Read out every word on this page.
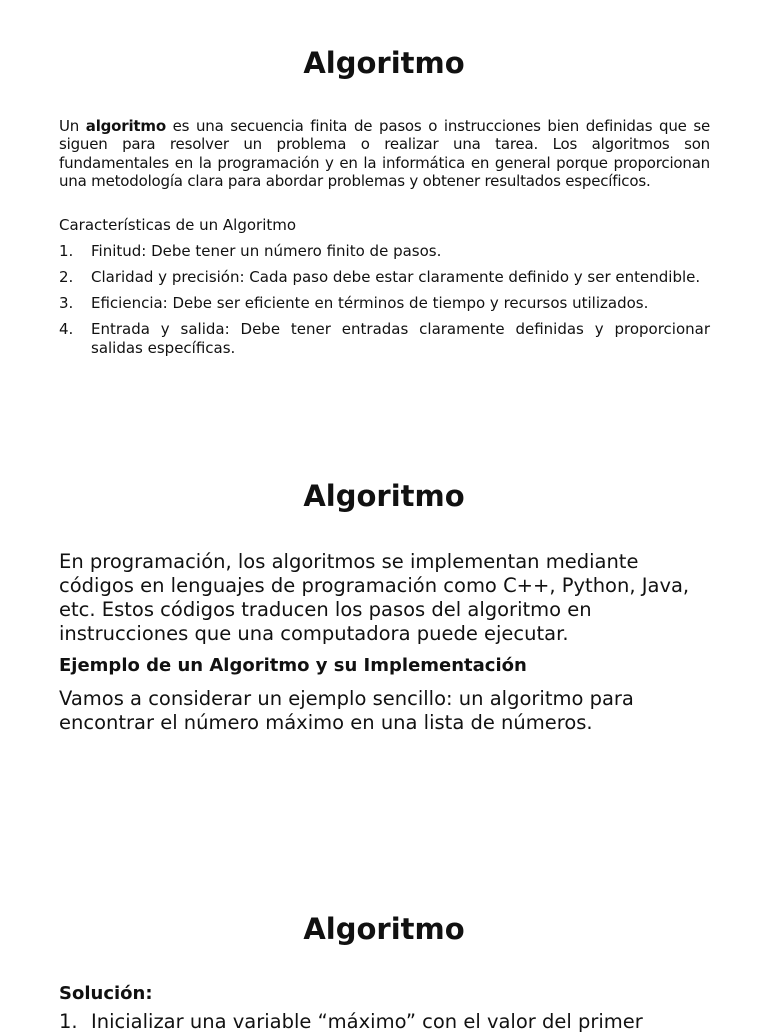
Algoritmo

Un algoritmo es una secuencia finita de pasos o instrucciones bien definidas que se siguen para resolver un problema o realizar una tarea. Los algoritmos son fundamentales en la programación y en la informática en general porque proporcionan una metodología clara para abordar problemas y obtener resultados específicos.

Características de un Algoritmo

1.	Finitud: Debe tener un número finito de pasos.
2.	Claridad y precisión: Cada paso debe estar claramente definido y ser entendible.
3.	Eficiencia: Debe ser eficiente en términos de tiempo y recursos utilizados.
4.	Entrada y salida: Debe tener entradas claramente definidas y proporcionar salidas específicas.
Algoritmo

En programación, los algoritmos se implementan mediante códigos en lenguajes de programación como C++, Python, Java, etc. Estos códigos traducen los pasos del algoritmo en instrucciones que una computadora puede ejecutar.

Ejemplo de un Algoritmo y su Implementación

Vamos a considerar un ejemplo sencillo: un algoritmo para encontrar el número máximo en una lista de números.

Algoritmo

Solución:

1. Inicializar una variable “máximo” con el valor del primer
